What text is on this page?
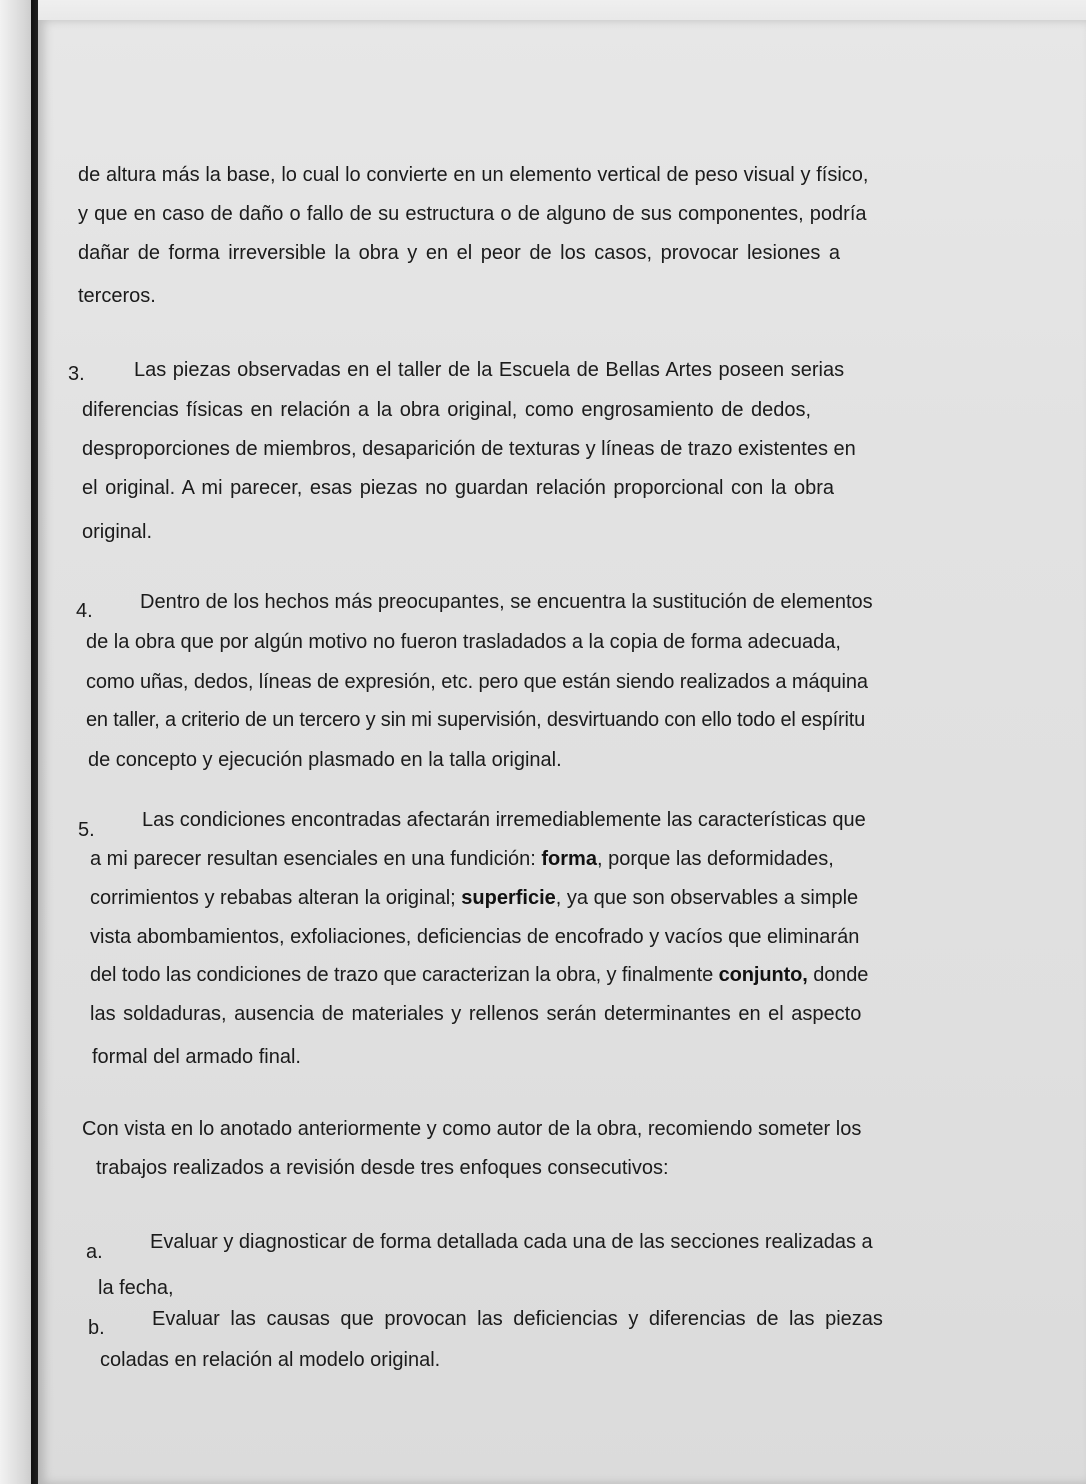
de altura más la base, lo cual lo convierte en un elemento vertical de peso visual y físico,

y que en caso de daño o fallo de su estructura o de alguno de sus componentes, podría

dañar de forma irreversible la obra y en el peor de los casos, provocar lesiones a

terceros.

3. Las piezas observadas en el taller de la Escuela de Bellas Artes poseen serias

diferencias físicas en relación a la obra original, como engrosamiento de dedos,

desproporciones de miembros, desaparición de texturas y líneas de trazo existentes en

el original. A mi parecer, esas piezas no guardan relación proporcional con la obra

original.

4. Dentro de los hechos más preocupantes, se encuentra la sustitución de elementos

de la obra que por algún motivo no fueron trasladados a la copia de forma adecuada,

como uñas, dedos, líneas de expresión, etc. pero que están siendo realizados a máquina

en taller, a criterio de un tercero y sin mi supervisión, desvirtuando con ello todo el espíritu

de concepto y ejecución plasmado en la talla original.

5. Las condiciones encontradas afectarán irremediablemente las características que

a mi parecer resultan esenciales en una fundición: forma, porque las deformidades,

corrimientos y rebabas alteran la original; superficie, ya que son observables a simple

vista abombamientos, exfoliaciones, deficiencias de encofrado y vacíos que eliminarán

del todo las condiciones de trazo que caracterizan la obra, y finalmente conjunto, donde

las soldaduras, ausencia de materiales y rellenos serán determinantes en el aspecto

formal del armado final.

Con vista en lo anotado anteriormente y como autor de la obra, recomiendo someter los

trabajos realizados a revisión desde tres enfoques consecutivos:

a. Evaluar y diagnosticar de forma detallada cada una de las secciones realizadas a

la fecha,

b. Evaluar las causas que provocan las deficiencias y diferencias de las piezas

coladas en relación al modelo original.
